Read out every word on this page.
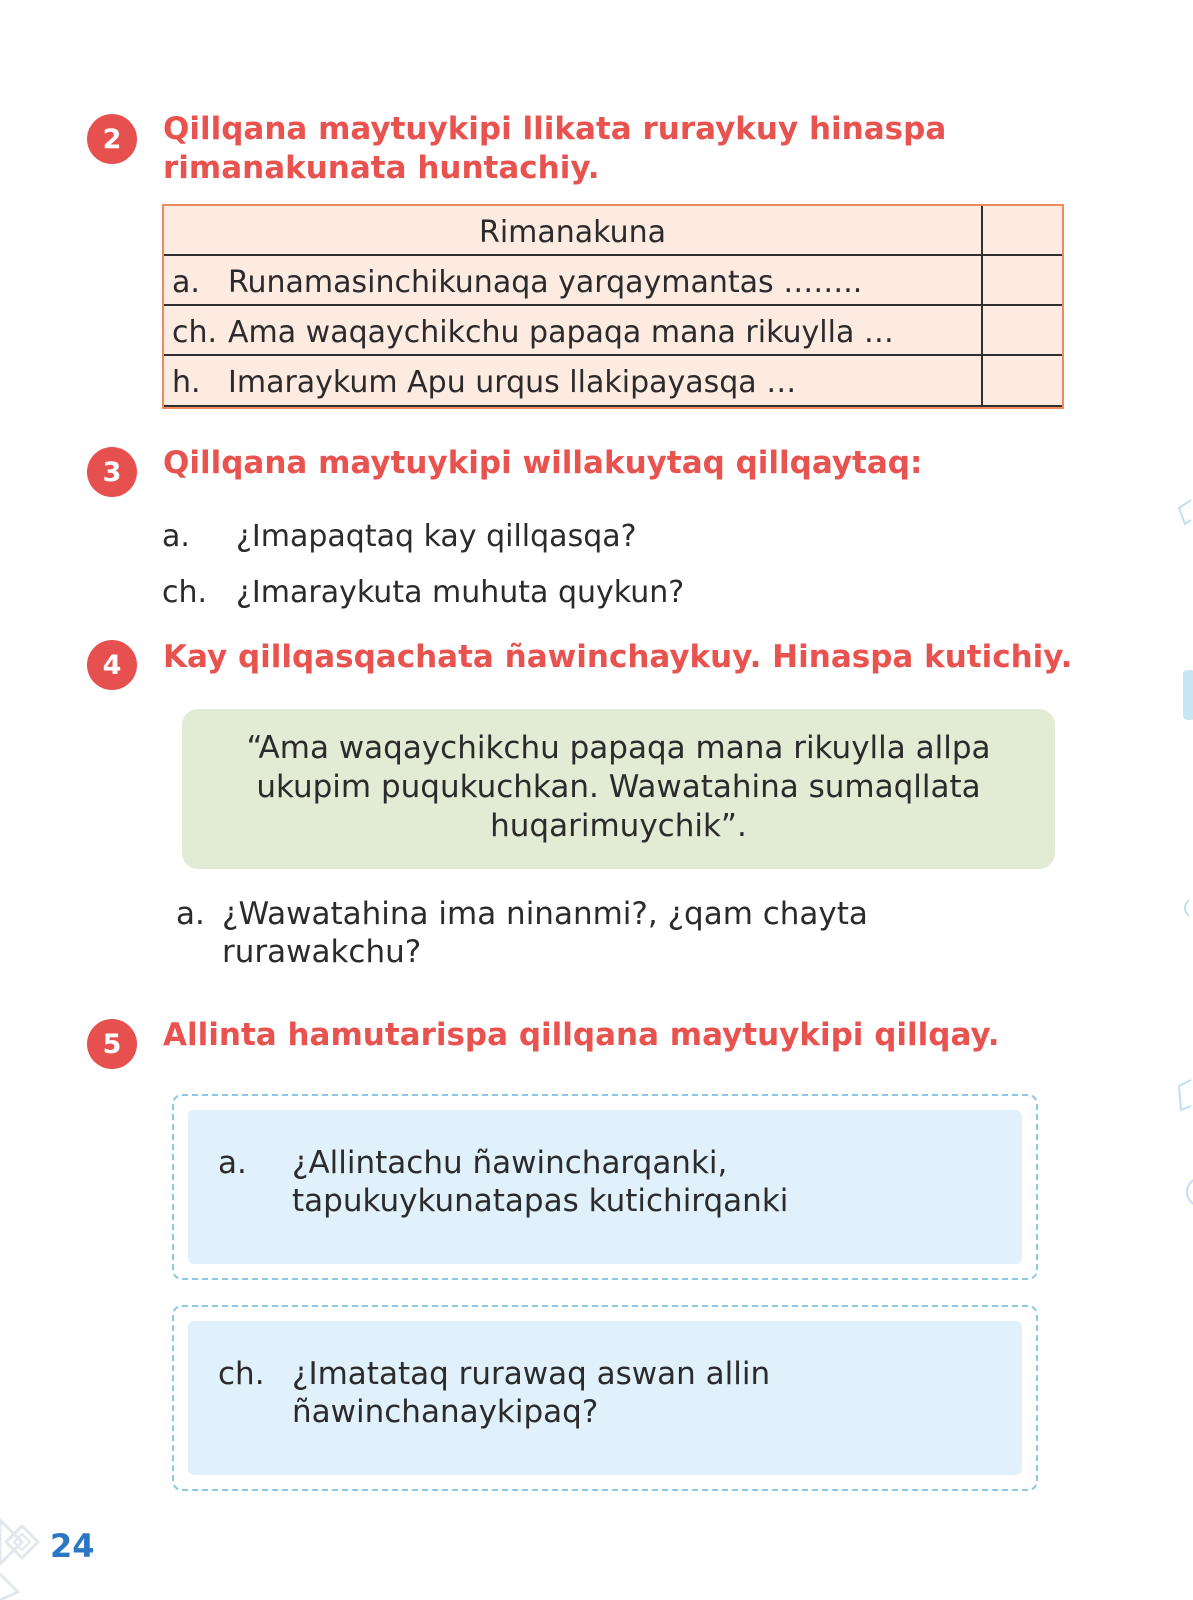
2	Qillqana maytuykipi llikata ruraykuy hinaspa
rimanakunata huntachiy.

Rimanakuna
a. Runamasinchikunaqa yarqaymantas ……..
ch. Ama waqaychikchu papaqa mana rikuylla …
h. Imaraykum Apu urqus llakipayasqa …
3	Qillqana maytuykipi willakuytaq qillqaytaq:

a. ¿Imapaqtaq kay qillqasqa?
ch. ¿Imaraykuta muhuta quykun?
4	Kay qillqasqachata ñawinchaykuy. Hinaspa kutichiy.

“Ama waqaychikchu papaqa mana rikuylla allpa
ukupim puqukuchkan. Wawatahina sumaqllata
huqarimuychik”.
a. ¿Wawatahina ima ninanmi?, ¿qam chayta
rurawakchu?
5	Allinta hamutarispa qillqana maytuykipi qillqay.

a. ¿Allintachu ñawincharqanki,
tapukuykunatapas kutichirqanki
ch. ¿Imatataq rurawaq aswan allin
ñawinchanaykipaq?
24
